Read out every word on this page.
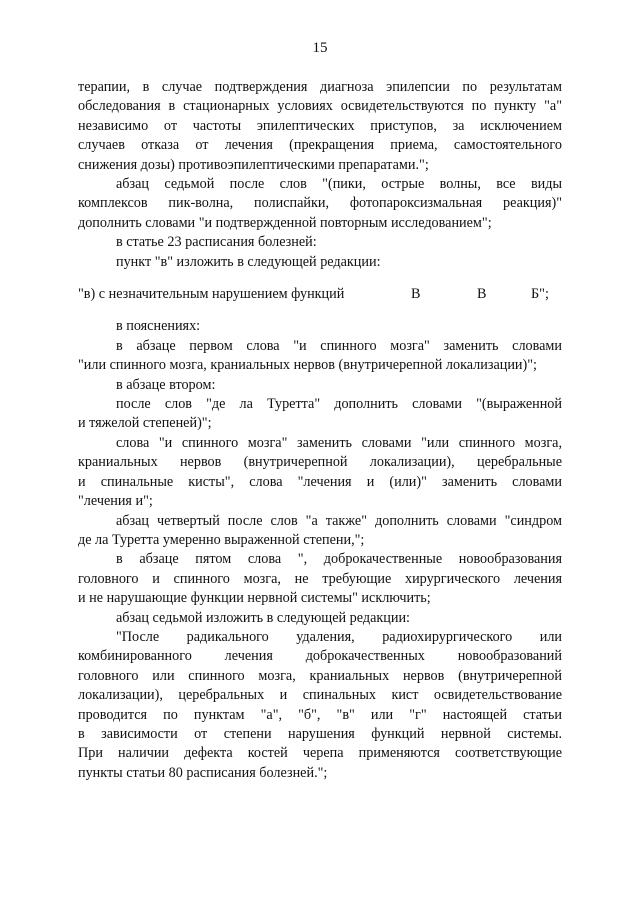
15
терапии, в случае подтверждения диагноза эпилепсии по результатам
обследования в стационарных условиях освидетельствуются по пункту "а"
независимо от частоты эпилептических приступов, за исключением
случаев отказа от лечения (прекращения приема, самостоятельного
снижения дозы) противоэпилептическими препаратами.";
абзац седьмой после слов "(пики, острые волны, все виды
комплексов пик-волна, полиспайки, фотопароксизмальная реакция)"
дополнить словами "и подтвержденной повторным исследованием";
в статье 23 расписания болезней:
пункт "в" изложить в следующей редакции:
"в) с незначительным нарушением функций	В	В	Б";
в пояснениях:
в абзаце первом слова "и спинного мозга" заменить словами
"или спинного мозга, краниальных нервов (внутричерепной локализации)";
в абзаце втором:
после слов "де ла Туретта" дополнить словами "(выраженной
и тяжелой степеней)";
слова "и спинного мозга" заменить словами "или спинного мозга,
краниальных нервов (внутричерепной локализации), церебральные
и спинальные кисты", слова "лечения и (или)" заменить словами
"лечения и";
абзац четвертый после слов "а также" дополнить словами "синдром
де ла Туретта умеренно выраженной степени,";
в абзаце пятом слова ", доброкачественные новообразования
головного и спинного мозга, не требующие хирургического лечения
и не нарушающие функции нервной системы" исключить;
абзац седьмой изложить в следующей редакции:
"После радикального удаления, радиохирургического или
комбинированного лечения доброкачественных новообразований
головного или спинного мозга, краниальных нервов (внутричерепной
локализации), церебральных и спинальных кист освидетельствование
проводится по пунктам "а", "б", "в" или "г" настоящей статьи
в зависимости от степени нарушения функций нервной системы.
При наличии дефекта костей черепа применяются соответствующие
пункты статьи 80 расписания болезней.";
